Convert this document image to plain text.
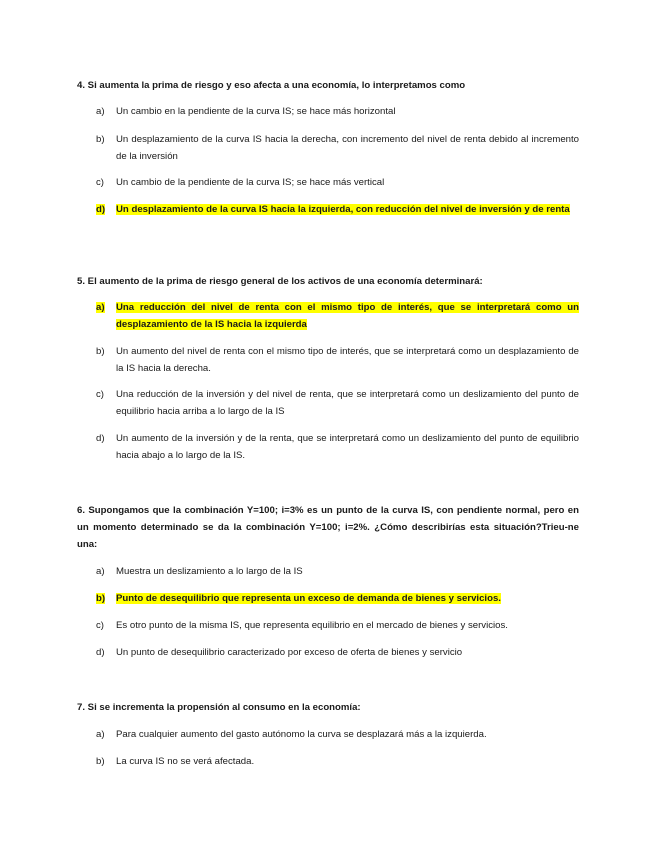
4. Si aumenta la prima de riesgo y eso afecta a una economía, lo interpretamos como

a)	Un cambio en la pendiente de la curva IS; se hace más horizontal
b)	Un desplazamiento de la curva IS hacia la derecha, con incremento del nivel de renta debido al incremento de la inversión
c)	Un cambio de la pendiente de la curva IS; se hace más vertical
d)	Un desplazamiento de la curva IS hacia la izquierda, con reducción del nivel de inversión y de renta

5. El aumento de la prima de riesgo general de los activos de una economía determinará:

a)	Una reducción del nivel de renta con el mismo tipo de interés, que se interpretará como un desplazamiento de la IS hacia la izquierda
b)	Un aumento del nivel de renta con el mismo tipo de interés, que se interpretará como un desplazamiento de la IS hacia la derecha.
c)	Una reducción de la inversión y del nivel de renta, que se interpretará como un deslizamiento del punto de equilibrio hacia arriba a lo largo de la IS
d)	Un aumento de la inversión y de la renta, que se interpretará como un deslizamiento del punto de equilibrio hacia abajo a lo largo de la IS.

6. Supongamos que la combinación Y=100; i=3% es un punto de la curva IS, con pendiente normal, pero en un momento determinado se da la combinación Y=100; i=2%. ¿Cómo describirías esta situación?Trieu-ne una:

a)	Muestra un deslizamiento a lo largo de la IS
b)	Punto de desequilibrio que representa un exceso de demanda de bienes y servicios.
c)	Es otro punto de la misma IS, que representa equilibrio en el mercado de bienes y servicios.
d)	Un punto de desequilibrio caracterizado por exceso de oferta de bienes y servicio

7. Si se incrementa la propensión al consumo en la economía:

a)	Para cualquier aumento del gasto autónomo la curva se desplazará más a la izquierda.
b)	La curva IS no se verá afectada.
